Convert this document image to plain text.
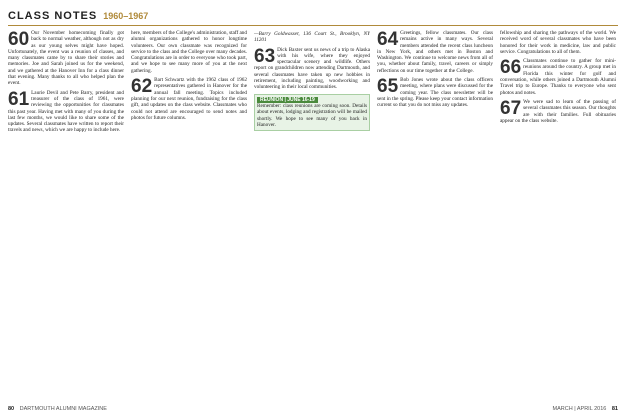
CLASS NOTES 1960–1967
60 Our November homecoming finally got back to normal weather, although not as dry as our young selves might have hoped. Unfortunately, the event was a reunion of classes, and many classmates came by to share their stories and memories. Joe and Sarah joined us for the weekend, and we gathered at the Hanover Inn for a class dinner that evening. Many thanks to all who helped plan the event.

61 Laurie Devil and Pete Barry, president and treasurer of the class of 1961, were reviewing the opportunities for classmates this past year. Having met with many of you during the last few months, we would like to share some of the updates. Several classmates have written to report their travels and news, which we are happy to include here.

here, members of the College's administration, staff and alumni organizations gathered to honor longtime volunteers. Our own classmate was recognized for service to the class and the College over many decades. Congratulations are in order to everyone who took part, and we hope to see many more of you at the next gathering.

62 Bart Schwartz with the 1962 class of 1962 representatives gathered in Hanover for the annual fall meeting. Topics included planning for our next reunion, fundraising for the class gift, and updates on the class website. Classmates who could not attend are encouraged to send notes and photos for future columns.

—Barry Goldwasser, 136 Court St., Brooklyn, NY 11201
63 Dick Baxter sent us news of a trip to Alaska with his wife, where they enjoyed spectacular scenery and wildlife. Others report on grandchildren now attending Dartmouth, and several classmates have taken up new hobbies in retirement, including painting, woodworking and volunteering in their local communities.

REUNION | JUNE 16-19

Remember: class reunions are coming soon. Details about events, lodging and registration will be mailed shortly. We hope to see many of you back in Hanover.

64 Greetings, fellow classmates. Our class remains active in many ways. Several members attended the recent class luncheon in New York, and others met in Boston and Washington. We continue to welcome news from all of you, whether about family, travel, careers or simply reflections on our time together at the College.

65 Bob Jones wrote about the class officers meeting, where plans were discussed for the coming year. The class newsletter will be sent in the spring. Please keep your contact information current so that you do not miss any updates.

fellowship and sharing the pathways of the world. We received word of several classmates who have been honored for their work in medicine, law and public service. Congratulations to all of them.

66 Classmates continue to gather for mini-reunions around the country. A group met in Florida this winter for golf and conversation, while others joined a Dartmouth Alumni Travel trip to Europe. Thanks to everyone who sent photos and notes.

67 We were sad to learn of the passing of several classmates this season. Our thoughts are with their families. Full obituaries appear on the class website.

80 DARTMOUTH ALUMNI MAGAZINE	MARCH | APRIL 2016 81
